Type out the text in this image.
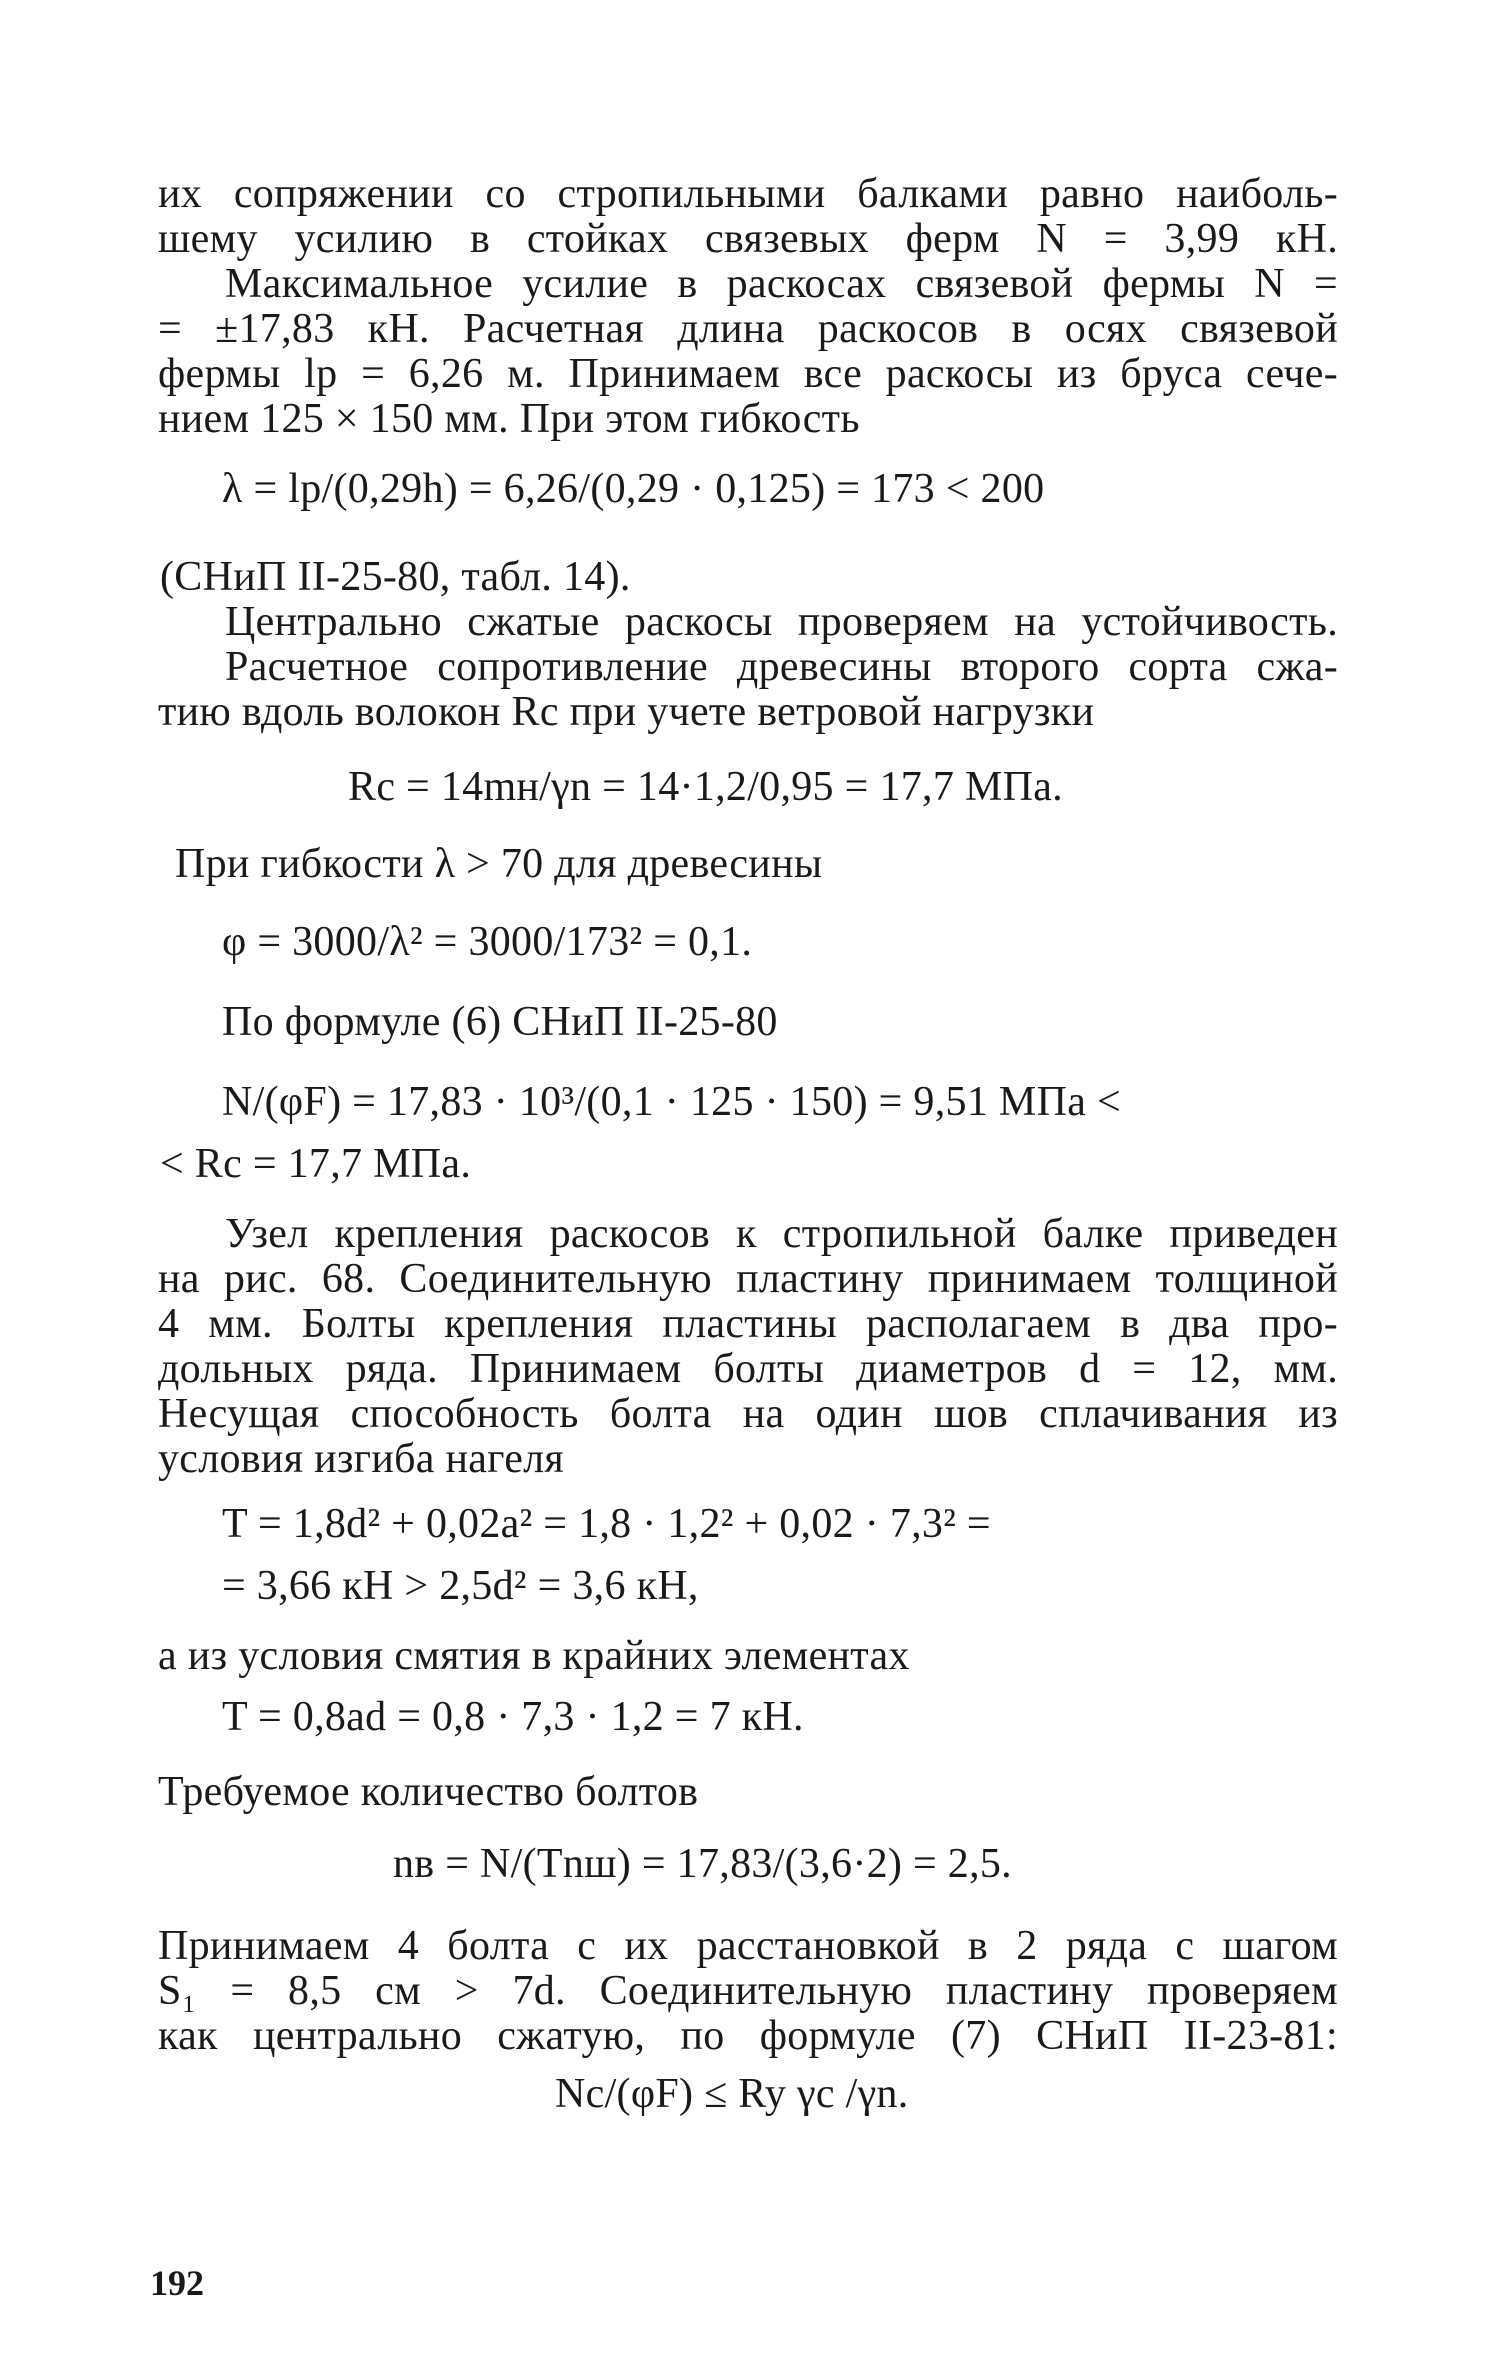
их сопряжении со стропильными балками равно наиболь-
шему усилию в стойках связевых ферм N = 3,99 кН.
Максимальное усилие в раскосах связевой фермы N =
= ±17,83 кН. Расчетная длина раскосов в осях связевой
фермы lр = 6,26 м. Принимаем все раскосы из бруса сече-
нием 125 × 150 мм. При этом гибкость
λ = lр/(0,29h) = 6,26/(0,29 · 0,125) = 173 < 200
(СНиП II-25-80, табл. 14).
Центрально сжатые раскосы проверяем на устойчивость.
Расчетное сопротивление древесины второго сорта сжа-
тию вдоль волокон Rс при учете ветровой нагрузки
Rс = 14mн/γn = 14·1,2/0,95 = 17,7 МПа.
При гибкости λ > 70 для древесины
φ = 3000/λ² = 3000/173² = 0,1.
По формуле (6) СНиП II-25-80
N/(φF) = 17,83 · 10³/(0,1 · 125 · 150) = 9,51 МПа <
< Rс = 17,7 МПа.
Узел крепления раскосов к стропильной балке приведен
на рис. 68. Соединительную пластину принимаем толщиной
4 мм. Болты крепления пластины располагаем в два про-
дольных ряда. Принимаем болты диаметров d = 12, мм.
Несущая способность болта на один шов сплачивания из
условия изгиба нагеля
T = 1,8d² + 0,02a² = 1,8 · 1,2² + 0,02 · 7,3² =
= 3,66 кН > 2,5d² = 3,6 кН,
а из условия смятия в крайних элементах
T = 0,8ad = 0,8 · 7,3 · 1,2 = 7 кН.
Требуемое количество болтов
nв = N/(Tnш) = 17,83/(3,6·2) = 2,5.
Принимаем 4 болта с их расстановкой в 2 ряда с шагом
S₁ = 8,5 см > 7d. Соединительную пластину проверяем
как центрально сжатую, по формуле (7) СНиП II-23-81:
Nс/(φF) ≤ Ry γс /γn.
192
